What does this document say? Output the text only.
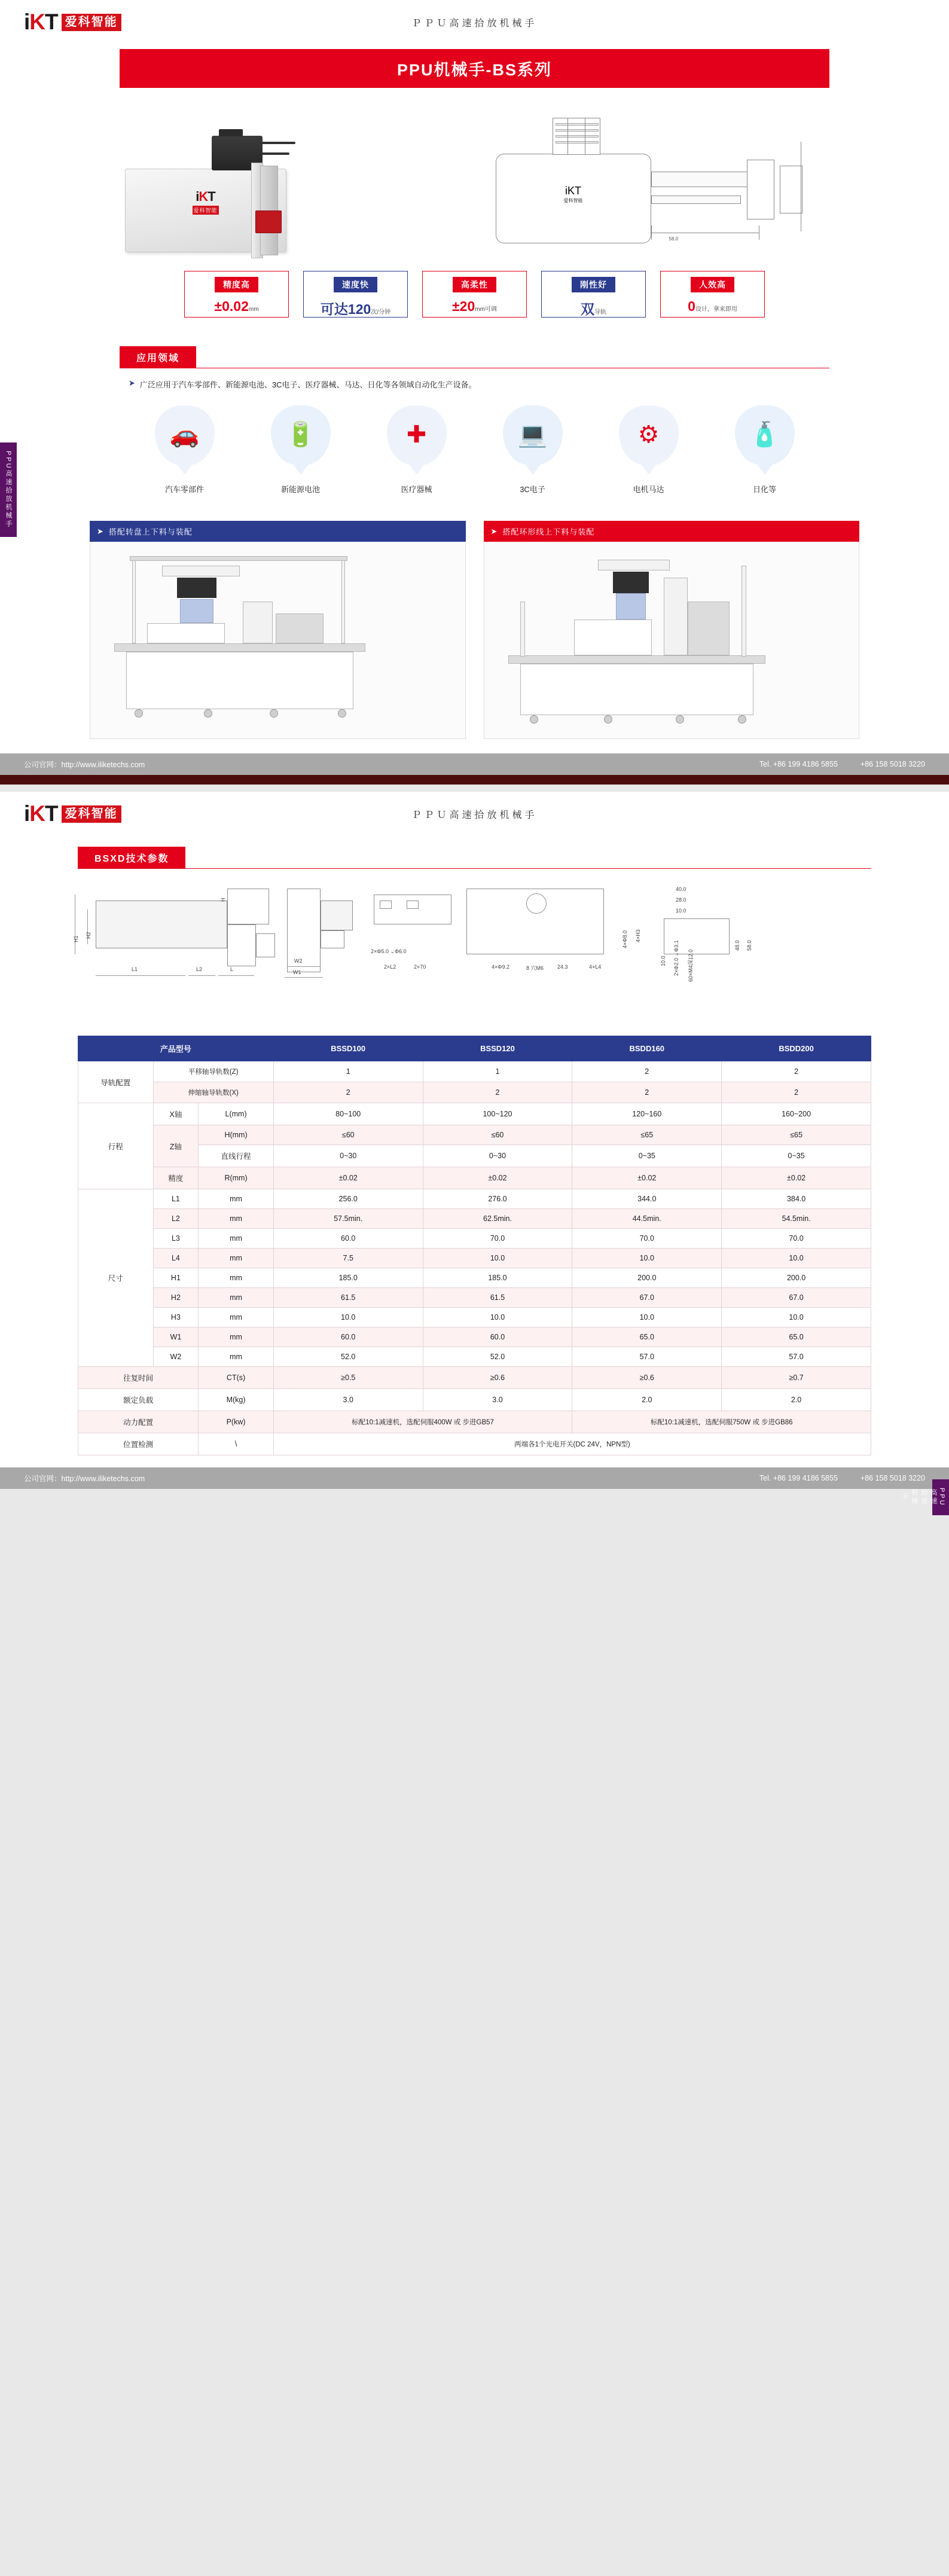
PPU高速拾放机械手
iKT 爱科智能	ＰＰＵ高速拾放机械手
PPU机械手-BS系列
iKT
爱科智能
iKT
爱科智能
58.0
精度高
±0.02mm
速度快
可达120次/分钟
高柔性
±20mm可调
刚性好
双导轨
人效高
0设计，拿来即用
应用领域
➤ 广泛应用于汽车零部件、新能源电池、3C电子、医疗器械、马达、日化等各领域自动化生产设备。
🚗
汽车零部件
🔋
新能源电池
✚
医疗器械
💻
3C电子
⚙
电机马达
🧴
日化等
➤ 搭配转盘上下料与装配	➤ 搭配环形线上下料与装配
公司官网：http://www.iliketechs.com	Tel. +86 199 4186 5855	+86 158 5018 3220
PPU高速拾放机械手
iKT 爱科智能	ＰＰＵ高速拾放机械手
BSXD技术参数
H1
H2
H
L1	L2	L
W2
W1
2×Φ5.0 ⌄Φ6.0
2×L2	2×70	4×Φ9.2	8 穴M6	24.3	4×L4
4×Φ8.0 4×H3
40.0
28.0
10.0
10.0 2×Φ2.0 ⌄Φ3.1 60×M4深12.0
48.0 58.0
产品型号			BSSD100	BSSD120	BSDD160	BSDD200
导轨配置	平移轴导轨数(Z)		1	1	2	2
	伸缩轴导轨数(X)		2	2	2	2
行程	X轴	L(mm)	80~100	100~120	120~160	160~200
	Z轴	H(mm)	≤60	≤60	≤65	≤65
		直线行程	0~30	0~30	0~35	0~35
	精度	R(mm)	±0.02	±0.02	±0.02	±0.02
尺寸	L1	mm	256.0	276.0	344.0	384.0
	L2	mm	57.5min.	62.5min.	44.5min.	54.5min.
	L3	mm	60.0	70.0	70.0	70.0
	L4	mm	7.5	10.0	10.0	10.0
	H1	mm	185.0	185.0	200.0	200.0
	H2	mm	61.5	61.5	67.0	67.0
	H3	mm	10.0	10.0	10.0	10.0
	W1	mm	60.0	60.0	65.0	65.0
	W2	mm	52.0	52.0	57.0	57.0
往复时间		CT(s)	≥0.5	≥0.6	≥0.6	≥0.7
额定负载		M(kg)	3.0	3.0	2.0	2.0
动力配置		P(kw)	标配10:1减速机，选配伺服400W 或 步进GB57		标配10:1减速机，选配伺服750W 或 步进GB86	
位置检测		\	两端各1个光电开关(DC 24V，NPN型)			
公司官网：http://www.iliketechs.com	Tel. +86 199 4186 5855	+86 158 5018 3220
